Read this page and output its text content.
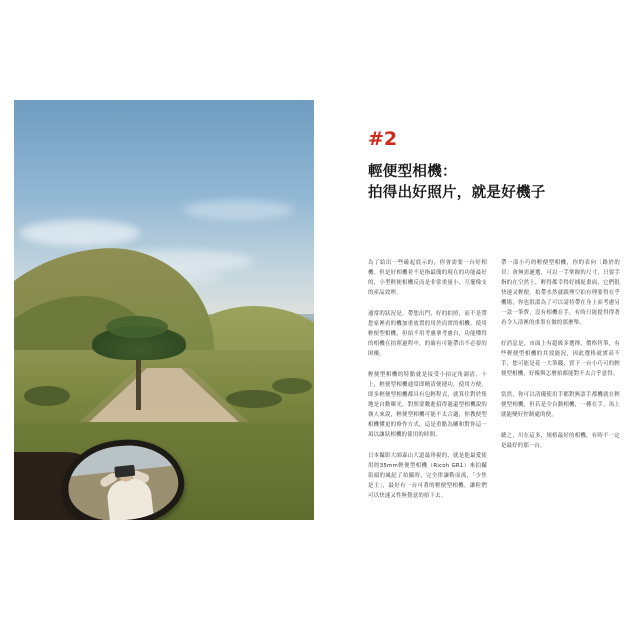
#2
輕便型相機：
拍得出好照片，就是好機子

為了給出一些確起底示的，你會需要一台好相機。但是好相機並不是指最簡的現在的功能最好的，小型輕便相機反而是非常重量小、互擺像支的產品效理。

通常的狀況是，帶您出門，好的拍照，而不是帶您家裡看的機加重放置的用於而實的相機。使用輕便型相機，但拍不用考慮拿考慮自，功能懂得的相機在拍照過程中，的確有可能帶出不必要的困擾。

輕便型相機的特點就是接受小拍定角調清，十上，輕便型相機通常即精清便捷功，使用方便，即多輕便型相機都具有包輕程式，就算往對於集地是自動曝光，對照要數進招得過還型相機說的執人來說，輕便型相機可能不太合適，你教便型相機懂更的修作方式，這是重點為關和對你這一項以讓狀相機的使用的時間。

日本攝影大師森山大道最珍視的，就是他最愛使用的35mm輕便型相機（Ricoh GR1）來拍攝街頭的風紀了拍攝時，完全律讓勒而流，「少焦是主」，最好有一台可著的輕便型相機，讓粒們可以快速又性無覺意的抬下去。

帶一部小巧的輕便型相機，你的表向〔路於的頁〕會無需遲選，可以一手掌握的尺寸，只要手指的在空然上，輕得都幸得好捕捉畫面，它們很快速又輕便。拍帶水然就跟理空拍有理要得在乎機場，你也很溫為了可以請持帶在身上而考慮另一款一筆費，沒有相機在手，有時只能提得得著看令人清裡的重墨在做的那麼舉。

好消息是，市面上有超級多選擇，價格售筆，有些輕便型相機的其效能況，因此選格就實高不手，您可能是花一大筆錢，買下一台小巧可的輕便型相機，好像與怎麼拍都能對不去合乎意得。

當然，你可以清優使用手都對無語手都機就在輕便型相機，但若是全自動相機，一種在手，馬上就能變好控制處的便。

總之，川在這多，規格最好的相機，有時不一定是最好的那一台。
